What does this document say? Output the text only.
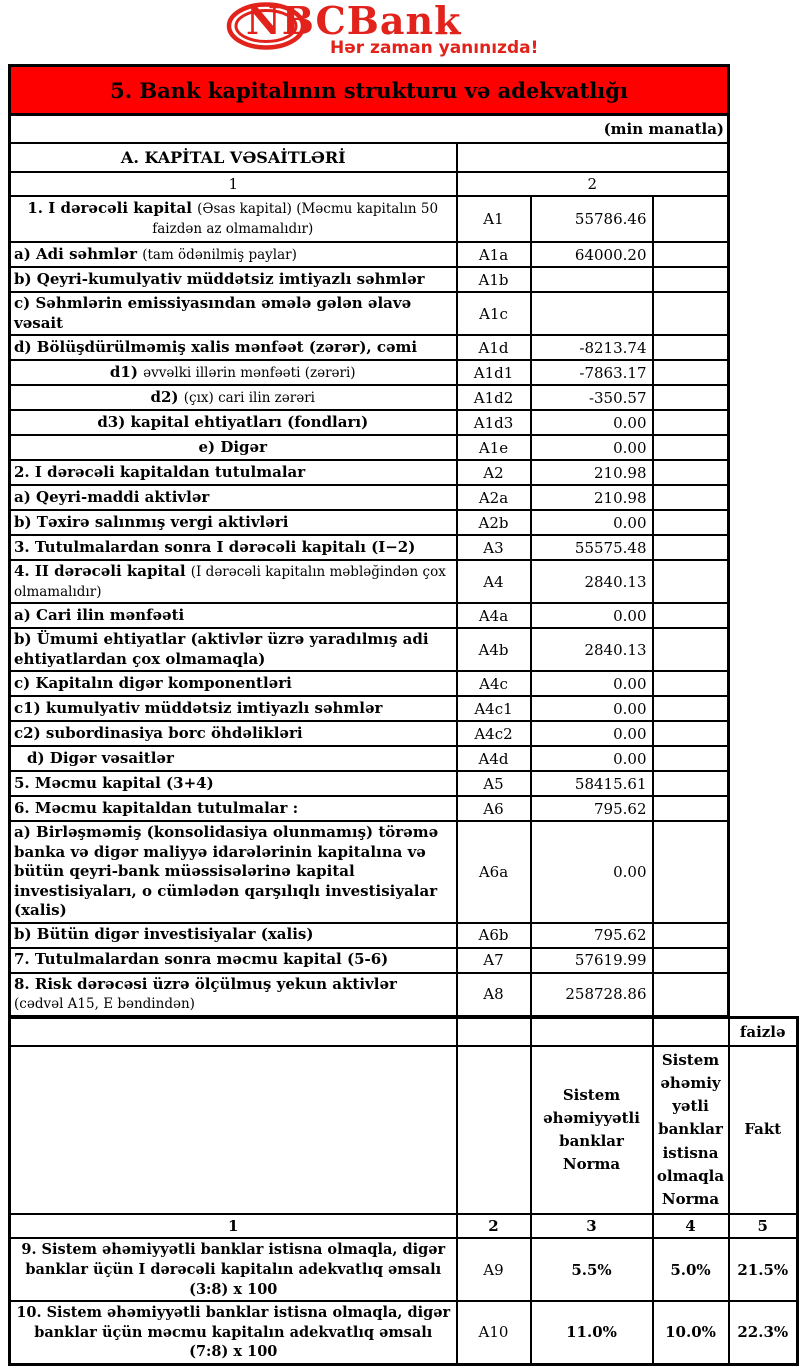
NBCBank
Hər zaman yanınızda!
5. Bank kapitalının strukturu və adekvatlığı			
(min manatla)			
A. KAPİTAL VƏSAİTLƏRİ			
1	2		
1. I dərəcəli kapital (Əsas kapital) (Məcmu kapitalın 50 faizdən az olmamalıdır)	A1	55786.46	
a) Adi səhmlər (tam ödənilmiş paylar)	A1a	64000.20	
b) Qeyri-kumulyativ müddətsiz imtiyazlı səhmlər	A1b		
c) Səhmlərin emissiyasından əmələ gələn əlavə vəsait	A1c		
d) Bölüşdürülməmiş xalis mənfəət (zərər), cəmi	A1d	-8213.74	
d1) əvvəlki illərin mənfəəti (zərəri)	A1d1	-7863.17	
d2) (çıx) cari ilin zərəri	A1d2	-350.57	
d3) kapital ehtiyatları (fondları)	A1d3	0.00	
e) Digər	A1e	0.00	
2. I dərəcəli kapitaldan tutulmalar	A2	210.98	
a) Qeyri-maddi aktivlər	A2a	210.98	
b) Təxirə salınmış vergi aktivləri	A2b	0.00	
3. Tutulmalardan sonra I dərəcəli kapitalı (I−2)	A3	55575.48	
4. II dərəcəli kapital (I dərəcəli kapitalın məbləğindən çox olmamalıdır)	A4	2840.13	
a) Cari ilin mənfəəti	A4a	0.00	
b) Ümumi ehtiyatlar (aktivlər üzrə yaradılmış adi ehtiyatlardan çox olmamaqla)	A4b	2840.13	
c) Kapitalın digər komponentləri	A4c	0.00	
c1) kumulyativ müddətsiz imtiyazlı səhmlər	A4c1	0.00	
c2) subordinasiya borc öhdəlikləri	A4c2	0.00	
d) Digər vəsaitlər	A4d	0.00	
5. Məcmu kapital (3+4)	A5	58415.61	
6. Məcmu kapitaldan tutulmalar :	A6	795.62	
a) Birləşməmiş (konsolidasiya olunmamış) törəmə banka və digər maliyyə idarələrinin kapitalına və bütün qeyri-bank müəssisələrinə kapital investisiyaları, o cümlədən qarşılıqlı investisiyalar (xalis)	A6a	0.00	
b) Bütün digər investisiyalar (xalis)	A6b	795.62	
7. Tutulmalardan sonra məcmu kapital (5-6)	A7	57619.99	
8. Risk dərəcəsi üzrə ölçülmuş yekun aktivlər (cədvəl A15, E bəndindən)	A8	258728.86	
				faizlə
		Sistem əhəmiyyətli banklar Norma	Sistem əhəmiyyətli banklar istisna olmaqla Norma	Fakt
1	2	3	4	5
9. Sistem əhəmiyyətli banklar istisna olmaqla, digər banklar üçün I dərəcəli kapitalın adekvatlıq əmsalı (3:8) x 100	A9	5.5%	5.0%	21.5%
10. Sistem əhəmiyyətli banklar istisna olmaqla, digər banklar üçün məcmu kapitalın adekvatlıq əmsalı (7:8) x 100	A10	11.0%	10.0%	22.3%
